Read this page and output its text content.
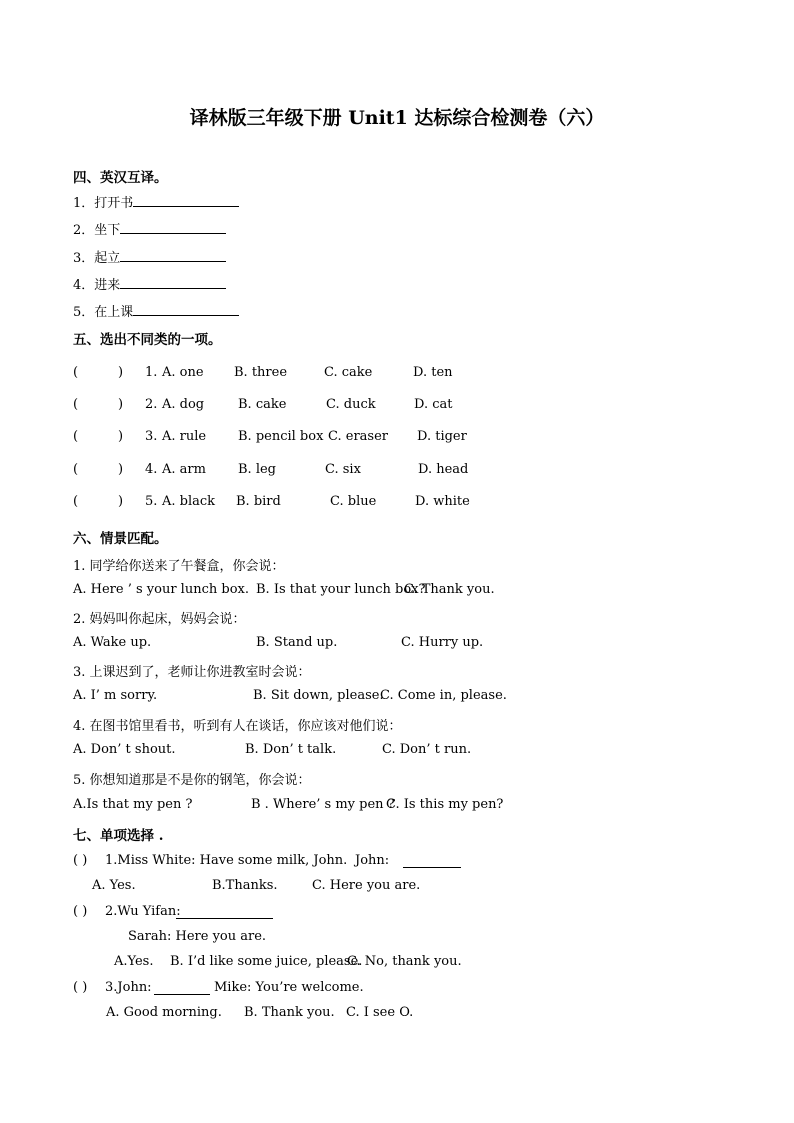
译林版三年级下册 Unit1 达标综合检测卷（六）
四、英汉互译。
1．打开书
2．坐下
3．起立
4．进来
5．在上课
五、选出不同类的一项。
(	) 1. A. one B. three	C. cake	D. ten
(	) 2. A. dog	B. cake	C. duck	D. cat
(	) 3. A. rule B. pencil box C. eraser D. tiger
(	) 4. A. arm B. leg	C. six	D. head
(	) 5. A. black B. bird	C. blue	D. white
六、情景匹配。
1. 同学给你送来了午餐盒，你会说：
A. Here ’ s your lunch box. B. Is that your lunch box?
C. Thank you.
2. 妈妈叫你起床，妈妈会说：
A. Wake up.	B. Stand up.	C. Hurry up.
3. 上课迟到了，老师让你进教室时会说：
A. I’ m sorry.	B. Sit down, please.
C. Come in, please.
4. 在图书馆里看书，听到有人在谈话，你应该对他们说：
A. Don’ t shout.	B. Don’ t talk.	C. Don’ t run.
5. 你想知道那是不是你的钢笔，你会说：
A.Is that my pen ?	B . Where’ s my pen ?
C. Is this my pen?
七、单项选择 .
( ) 1.Miss White: Have some milk, John. John:
A. Yes.	B.Thanks.	C. Here you are.
( ) 2.Wu Yifan:
Sarah: Here you are.
A.Yes. B. I’d like some juice, please.
C. No, thank you.
( ) 3.John:	Mike: You’re welcome.
A. Good morning. B. Thank you. C. I see O.
